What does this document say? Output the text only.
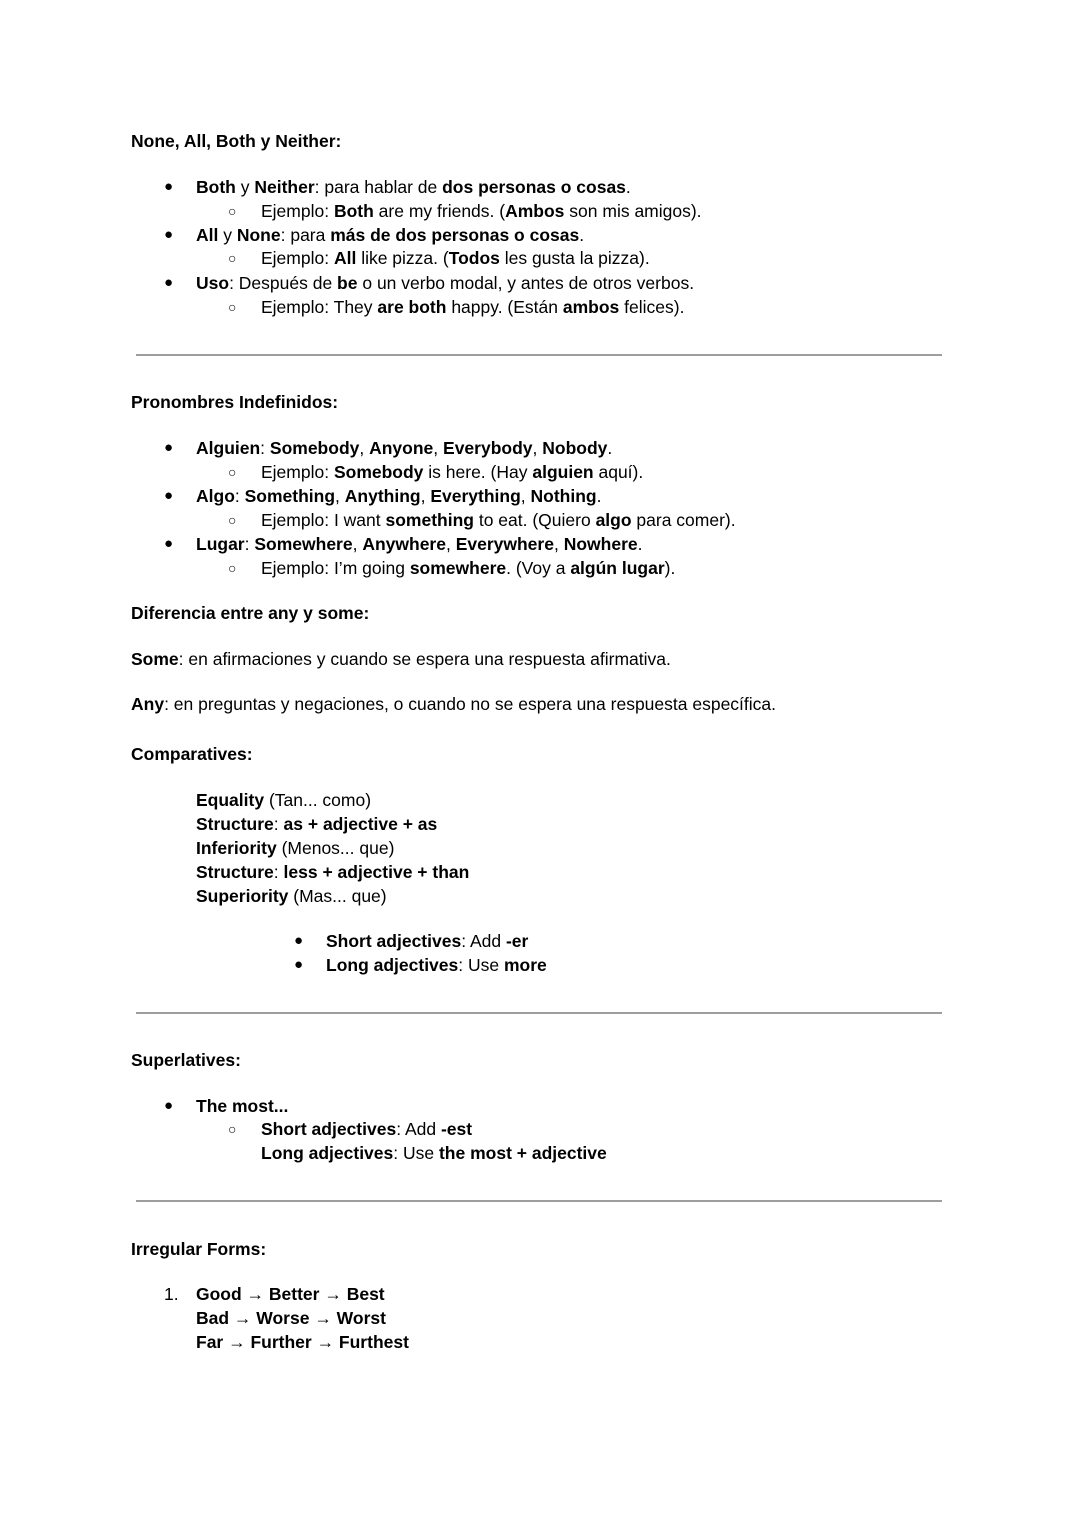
None, All, Both y Neither:
● Both y Neither: para hablar de dos personas o cosas.
○ Ejemplo: Both are my friends. (Ambos son mis amigos).
● All y None: para más de dos personas o cosas.
○ Ejemplo: All like pizza. (Todos les gusta la pizza).
● Uso: Después de be o un verbo modal, y antes de otros verbos.
○ Ejemplo: They are both happy. (Están ambos felices).
Pronombres Indefinidos:
● Alguien: Somebody, Anyone, Everybody, Nobody.
○ Ejemplo: Somebody is here. (Hay alguien aquí).
● Algo: Something, Anything, Everything, Nothing.
○ Ejemplo: I want something to eat. (Quiero algo para comer).
● Lugar: Somewhere, Anywhere, Everywhere, Nowhere.
○ Ejemplo: I’m going somewhere. (Voy a algún lugar).
Diferencia entre any y some:
Some: en afirmaciones y cuando se espera una respuesta afirmativa.
Any: en preguntas y negaciones, o cuando no se espera una respuesta específica.
Comparatives:
Equality (Tan... como)
Structure: as + adjective + as
Inferiority (Menos... que)
Structure: less + adjective + than
Superiority (Mas... que)
● Short adjectives: Add -er
● Long adjectives: Use more
Superlatives:
● The most...
○ Short adjectives: Add -est
Long adjectives: Use the most + adjective
Irregular Forms:
1. Good → Better → Best
Bad → Worse → Worst
Far → Further → Furthest
